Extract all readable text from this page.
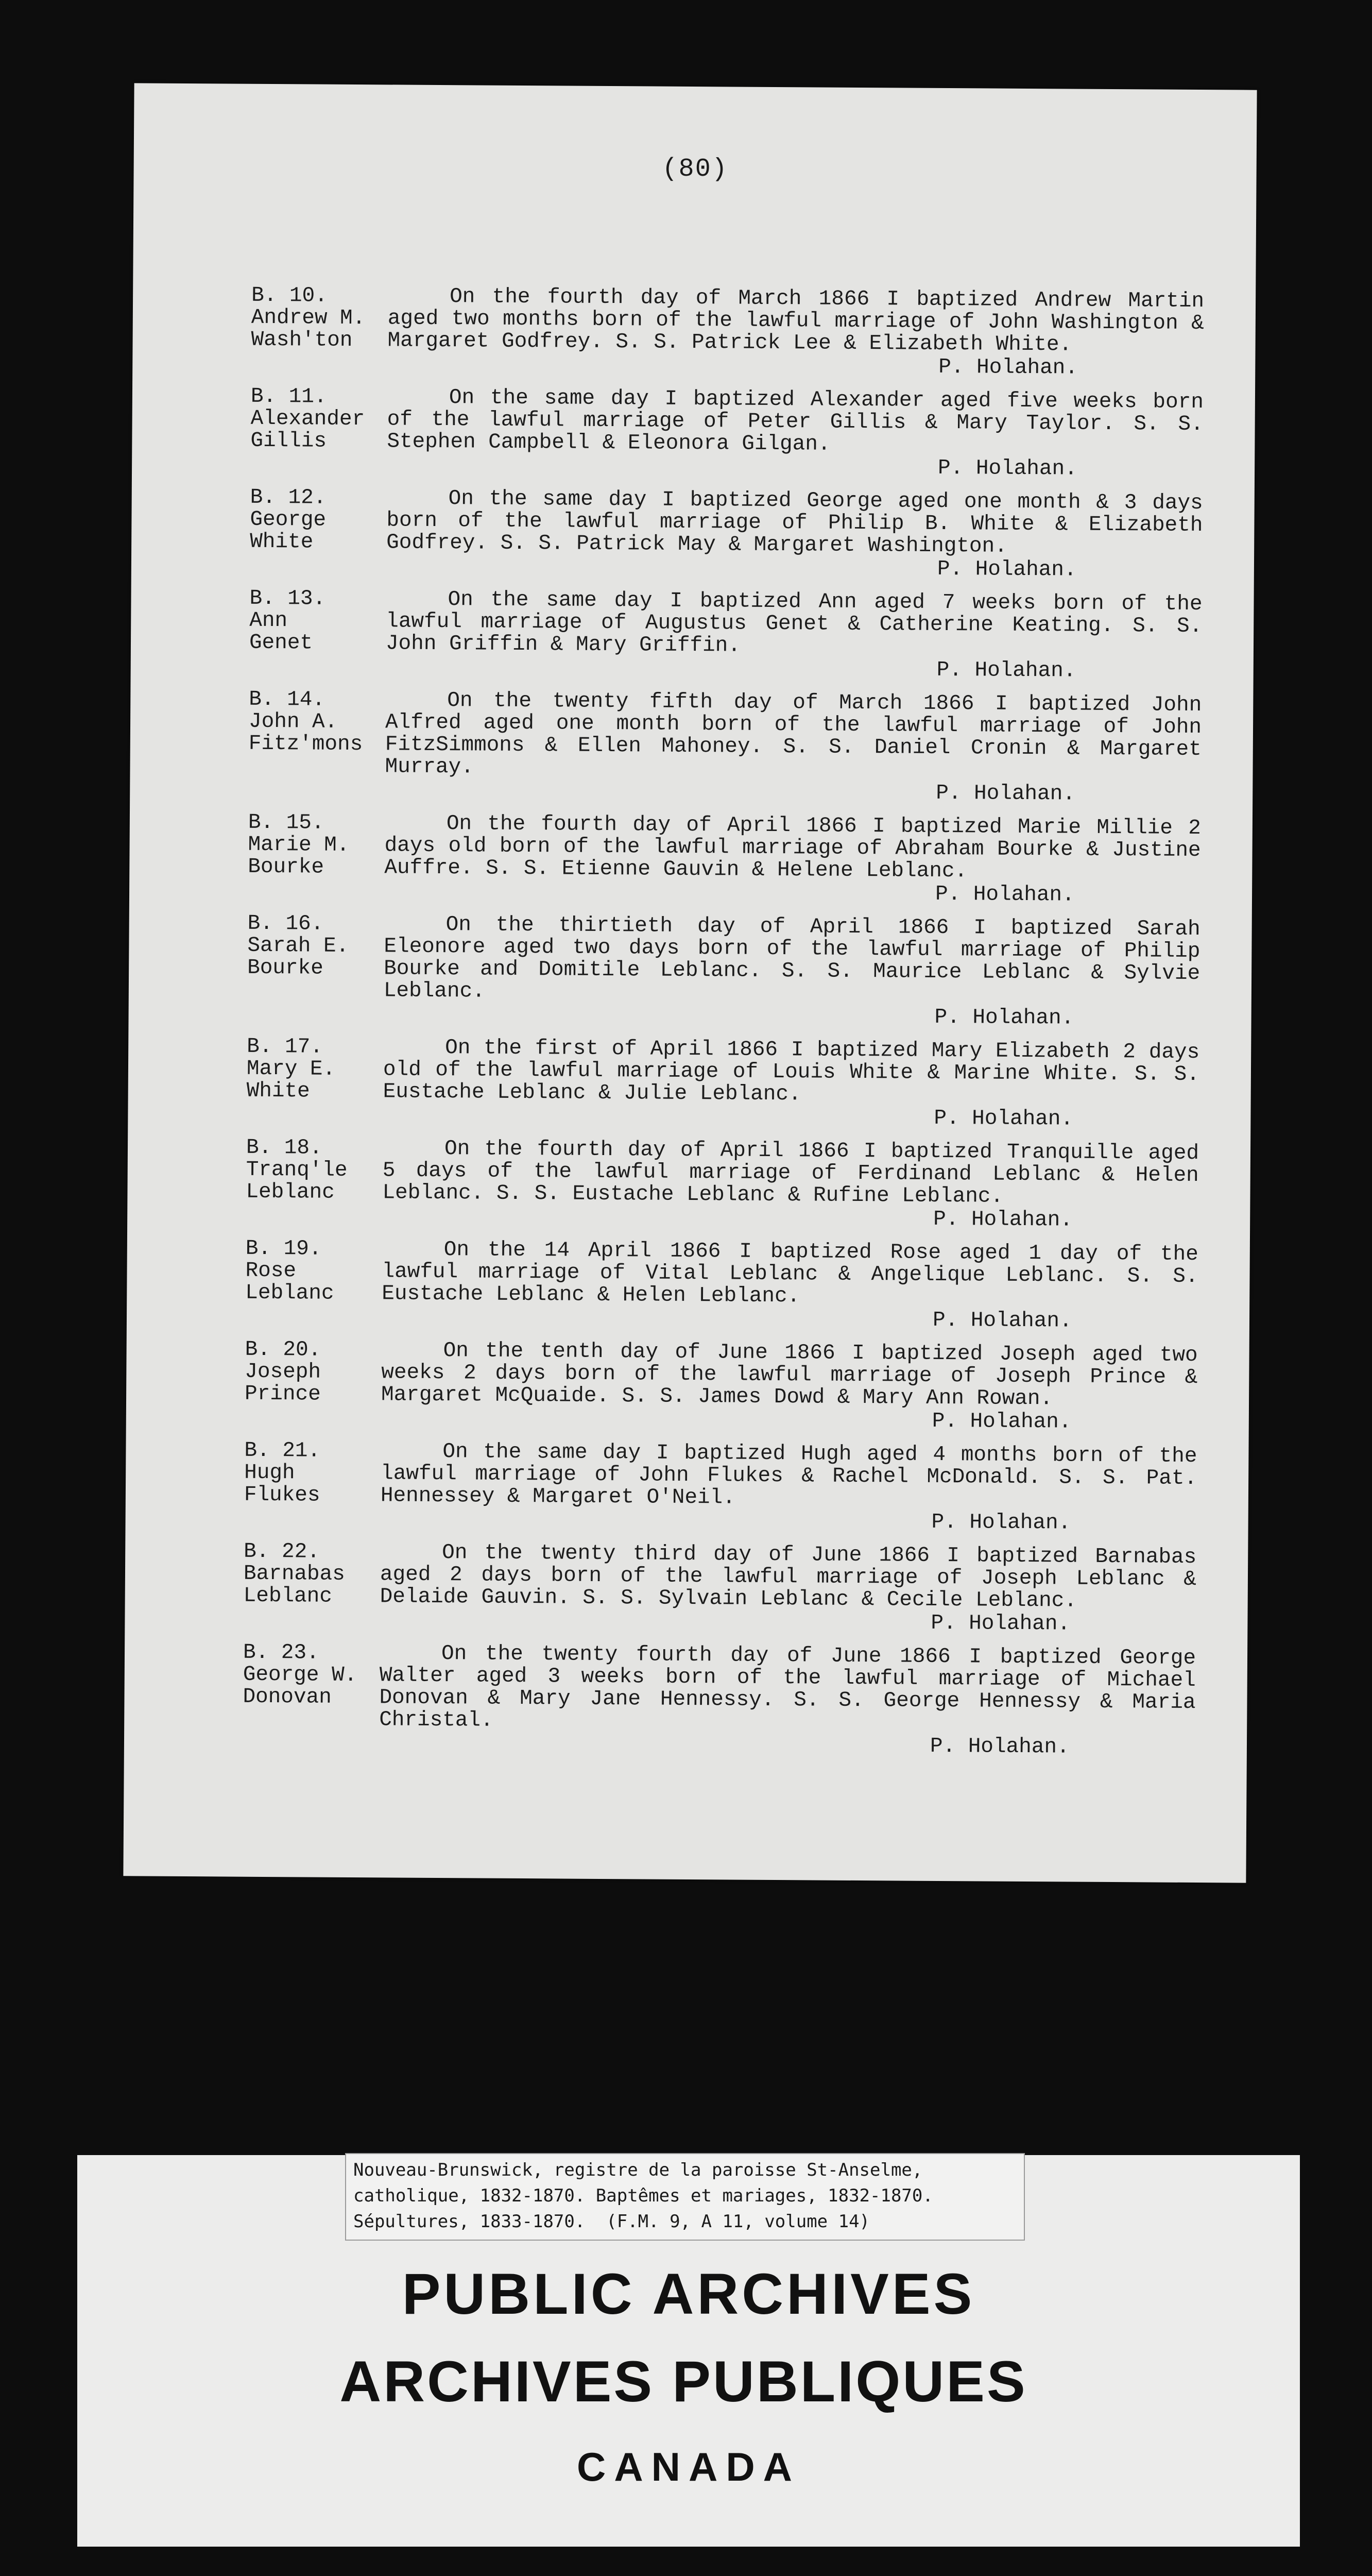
(80)
B. 10.
Andrew M.
Wash'ton

On the fourth day of March 1866 I baptized Andrew Martin aged two months born of the lawful marriage of John Washington & Margaret Godfrey. S. S. Patrick Lee & Elizabeth White.

P. Holahan.
B. 11.
Alexander
Gillis

On the same day I baptized Alexander aged five weeks born of the lawful marriage of Peter Gillis & Mary Taylor. S. S. Stephen Campbell & Eleonora Gilgan.

P. Holahan.
B. 12.
George
White

On the same day I baptized George aged one month & 3 days born of the lawful marriage of Philip B. White & Elizabeth Godfrey. S. S. Patrick May & Margaret Washington.

P. Holahan.
B. 13.
Ann
Genet

On the same day I baptized Ann aged 7 weeks born of the lawful marriage of Augustus Genet & Catherine Keating. S. S. John Griffin & Mary Griffin.

P. Holahan.
B. 14.
John A.
Fitz'mons

On the twenty fifth day of March 1866 I baptized John Alfred aged one month born of the lawful marriage of John FitzSimmons & Ellen Mahoney. S. S. Daniel Cronin & Margaret Murray.

P. Holahan.
B. 15.
Marie M.
Bourke

On the fourth day of April 1866 I baptized Marie Millie 2 days old born of the lawful marriage of Abraham Bourke & Justine Auffre. S. S. Etienne Gauvin & Helene Leblanc.

P. Holahan.
B. 16.
Sarah E.
Bourke

On the thirtieth day of April 1866 I baptized Sarah Eleonore aged two days born of the lawful marriage of Philip Bourke and Domitile Leblanc. S. S. Maurice Leblanc & Sylvie Leblanc.

P. Holahan.
B. 17.
Mary E.
White

On the first of April 1866 I baptized Mary Elizabeth 2 days old of the lawful marriage of Louis White & Marine White. S. S. Eustache Leblanc & Julie Leblanc.

P. Holahan.
B. 18.
Tranq'le
Leblanc

On the fourth day of April 1866 I baptized Tranquille aged 5 days of the lawful marriage of Ferdinand Leblanc & Helen Leblanc. S. S. Eustache Leblanc & Rufine Leblanc.

P. Holahan.
B. 19.
Rose
Leblanc

On the 14 April 1866 I baptized Rose aged 1 day of the lawful marriage of Vital Leblanc & Angelique Leblanc. S. S. Eustache Leblanc & Helen Leblanc.

P. Holahan.
B. 20.
Joseph
Prince

On the tenth day of June 1866 I baptized Joseph aged two weeks 2 days born of the lawful marriage of Joseph Prince & Margaret McQuaide. S. S. James Dowd & Mary Ann Rowan.

P. Holahan.
B. 21.
Hugh
Flukes

On the same day I baptized Hugh aged 4 months born of the lawful marriage of John Flukes & Rachel McDonald. S. S. Pat. Hennessey & Margaret O'Neil.

P. Holahan.
B. 22.
Barnabas
Leblanc

On the twenty third day of June 1866 I baptized Barnabas aged 2 days born of the lawful marriage of Joseph Leblanc & Delaide Gauvin. S. S. Sylvain Leblanc & Cecile Leblanc.

P. Holahan.
B. 23.
George W.
Donovan

On the twenty fourth day of June 1866 I baptized George Walter aged 3 weeks born of the lawful marriage of Michael Donovan & Mary Jane Hennessy. S. S. George Hennessy & Maria Christal.

P. Holahan.
Nouveau-Brunswick, registre de la paroisse St-Anselme,
catholique, 1832-1870. Baptêmes et mariages, 1832-1870.
Sépultures, 1833-1870.  (F.M. 9, A 11, volume 14)
PUBLIC ARCHIVES
ARCHIVES PUBLIQUES
CANADA
